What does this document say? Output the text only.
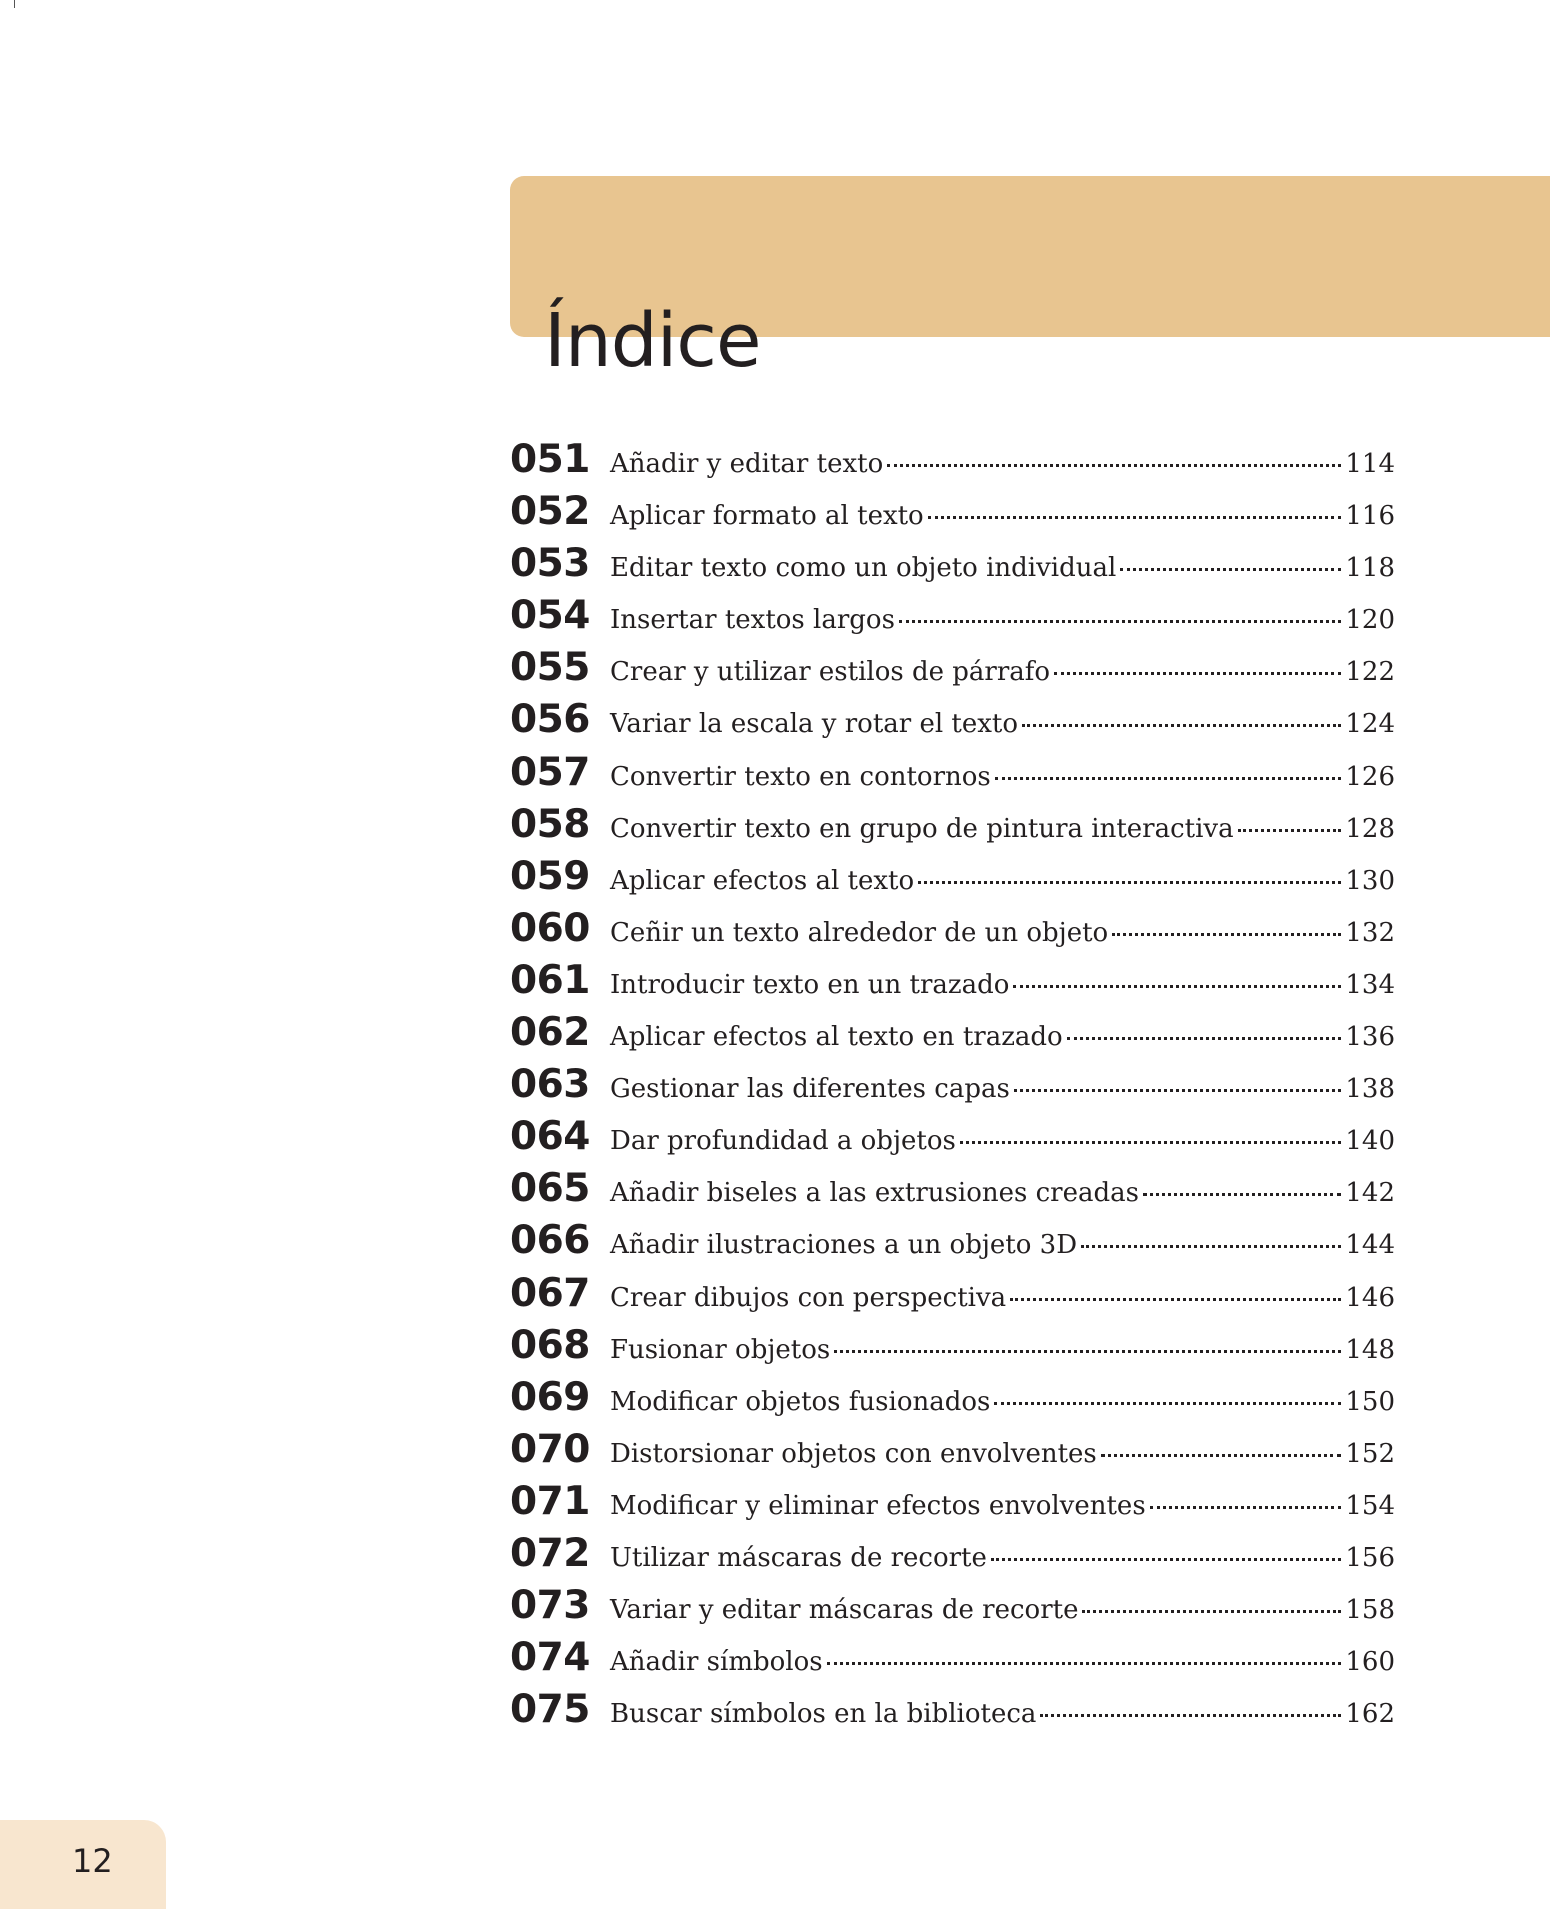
Índice
051 Añadir y editar texto	114
052 Aplicar formato al texto	116
053 Editar texto como un objeto individual	118
054 Insertar textos largos	120
055 Crear y utilizar estilos de párrafo	122
056 Variar la escala y rotar el texto	124
057 Convertir texto en contornos	126
058 Convertir texto en grupo de pintura interactiva	128
059 Aplicar efectos al texto	130
060 Ceñir un texto alrededor de un objeto	132
061 Introducir texto en un trazado	134
062 Aplicar efectos al texto en trazado	136
063 Gestionar las diferentes capas	138
064 Dar profundidad a objetos	140
065 Añadir biseles a las extrusiones creadas	142
066 Añadir ilustraciones a un objeto 3D	144
067 Crear dibujos con perspectiva	146
068 Fusionar objetos	148
069 Modificar objetos fusionados	150
070 Distorsionar objetos con envolventes	152
071 Modificar y eliminar efectos envolventes	154
072 Utilizar máscaras de recorte	156
073 Variar y editar máscaras de recorte	158
074 Añadir símbolos	160
075 Buscar símbolos en la biblioteca	162
12
